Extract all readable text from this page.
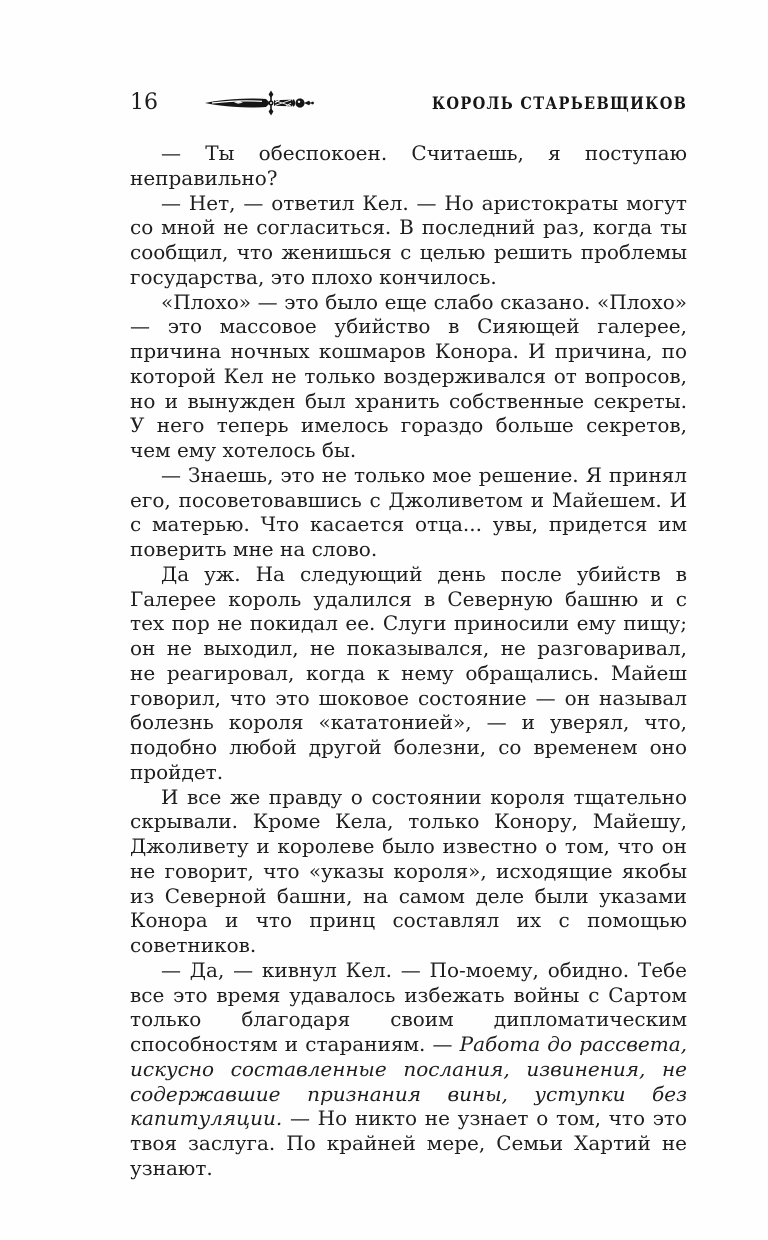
16	КОРОЛЬ СТАРЬЕВЩИКОВ

— Ты обеспокоен. Считаешь, я поступаю неправильно?

— Нет, — ответил Кел. — Но аристократы могут со мной не согласиться. В последний раз, когда ты сообщил, что женишься с целью решить проблемы государства, это плохо кончилось.

«Плохо» — это было еще слабо сказано. «Плохо» — это массовое убийство в Сияющей галерее, причина ночных кошмаров Конора. И причина, по которой Кел не только воздерживался от вопросов, но и вынужден был хранить собственные секреты. У него теперь имелось гораздо больше секретов, чем ему хотелось бы.

— Знаешь, это не только мое решение. Я принял его, посоветовавшись с Джоливетом и Майешем. И с матерью. Что касается отца... увы, придется им поверить мне на слово.

Да уж. На следующий день после убийств в Галерее король удалился в Северную башню и с тех пор не покидал ее. Слуги приносили ему пищу; он не выходил, не показывался, не разговаривал, не реагировал, когда к нему обращались. Майеш говорил, что это шоковое состояние — он называл болезнь короля «кататонией», — и уверял, что, подобно любой другой болезни, со временем оно пройдет.

И все же правду о состоянии короля тщательно скрывали. Кроме Кела, только Конору, Майешу, Джоливету и королеве было известно о том, что он не говорит, что «указы короля», исходящие якобы из Северной башни, на самом деле были указами Конора и что принц составлял их с помощью советников.

— Да, — кивнул Кел. — По-моему, обидно. Тебе все это время удавалось избежать войны с Сартом только благодаря своим дипломатическим способностям и стараниям. — Работа до рассвета, искусно составленные послания, извинения, не содержавшие признания вины, уступки без капитуляции. — Но никто не узнает о том, что это твоя заслуга. По крайней мере, Семьи Хартий не узнают.
